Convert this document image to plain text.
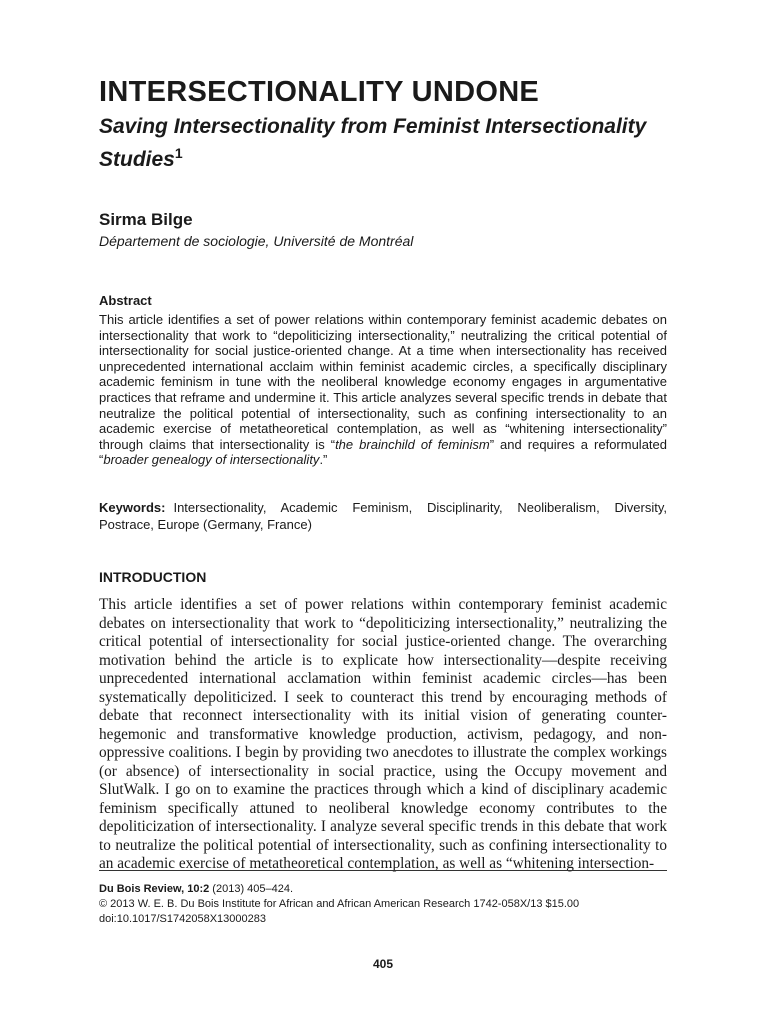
INTERSECTIONALITY UNDONE
Saving Intersectionality from Feminist Intersectionality Studies$^1$

Sirma Bilge

Département de sociologie, Université de Montréal

Abstract

This article identifies a set of power relations within contemporary feminist academic debates on intersectionality that work to “depoliticizing intersectionality,” neutralizing the critical potential of intersectionality for social justice-oriented change. At a time when intersectionality has received unprecedented international acclaim within feminist academic circles, a specifically disciplinary academic feminism in tune with the neoliberal knowledge economy engages in argumentative practices that reframe and undermine it. This article analyzes several specific trends in debate that neutralize the political potential of intersectionality, such as confining intersectionality to an academic exercise of metatheoretical contemplation, as well as “whitening intersectionality” through claims that intersectionality is “the brainchild of feminism” and requires a reformulated “broader genealogy of intersectionality.”

Keywords: Intersectionality, Academic Feminism, Disciplinarity, Neoliberalism, Diversity, Postrace, Europe (Germany, France)

INTRODUCTION

This article identifies a set of power relations within contemporary feminist academic debates on intersectionality that work to “depoliticizing intersectionality,” neutralizing the critical potential of intersectionality for social justice-oriented change. The overarching motivation behind the article is to explicate how intersectionality—despite receiving unprecedented international acclamation within feminist academic circles—has been systematically depoliticized. I seek to counteract this trend by encouraging methods of debate that reconnect intersectionality with its initial vision of generating counter-hegemonic and transformative knowledge production, activism, pedagogy, and non-oppressive coalitions. I begin by providing two anecdotes to illustrate the complex workings (or absence) of intersectionality in social practice, using the Occupy movement and SlutWalk. I go on to examine the practices through which a kind of disciplinary academic feminism specifically attuned to neoliberal knowledge economy contributes to the depoliticization of intersectionality. I analyze several specific trends in this debate that work to neutralize the political potential of intersectionality, such as confining intersectionality to an academic exercise of metatheoretical contemplation, as well as “whitening intersection-

Du Bois Review, 10:2 (2013) 405–424.
© 2013 W. E. B. Du Bois Institute for African and African American Research 1742-058X/13 $15.00
doi:10.1017/S1742058X13000283

405
